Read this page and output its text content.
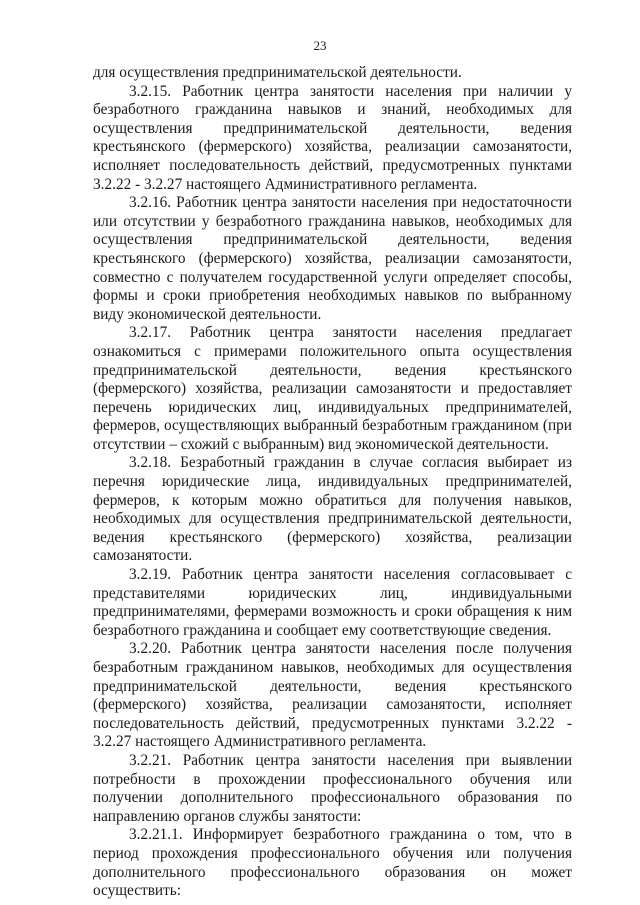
23

для осуществления предпринимательской деятельности.

3.2.15. Работник центра занятости населения при наличии у безработного гражданина навыков и знаний, необходимых для осуществления предпринимательской деятельности, ведения крестьянского (фермерского) хозяйства, реализации самозанятости, исполняет последовательность действий, предусмотренных пунктами 3.2.22 - 3.2.27 настоящего Административного регламента.

3.2.16. Работник центра занятости населения при недостаточности или отсутствии у безработного гражданина навыков, необходимых для осуществления предпринимательской деятельности, ведения крестьянского (фермерского) хозяйства, реализации самозанятости, совместно с получателем государственной услуги определяет способы, формы и сроки приобретения необходимых навыков по выбранному виду экономической деятельности.

3.2.17. Работник центра занятости населения предлагает ознакомиться с примерами положительного опыта осуществления предпринимательской деятельности, ведения крестьянского (фермерского) хозяйства, реализации самозанятости и предоставляет перечень юридических лиц, индивидуальных предпринимателей, фермеров, осуществляющих выбранный безработным гражданином (при отсутствии – схожий с выбранным) вид экономической деятельности.

3.2.18. Безработный гражданин в случае согласия выбирает из перечня юридические лица, индивидуальных предпринимателей, фермеров, к которым можно обратиться для получения навыков, необходимых для осуществления предпринимательской деятельности, ведения крестьянского (фермерского) хозяйства, реализации самозанятости.

3.2.19. Работник центра занятости населения согласовывает с представителями юридических лиц, индивидуальными предпринимателями, фермерами возможность и сроки обращения к ним безработного гражданина и сообщает ему соответствующие сведения.

3.2.20. Работник центра занятости населения после получения безработным гражданином навыков, необходимых для осуществления предпринимательской деятельности, ведения крестьянского (фермерского) хозяйства, реализации самозанятости, исполняет последовательность действий, предусмотренных пунктами 3.2.22 - 3.2.27 настоящего Административного регламента.

3.2.21. Работник центра занятости населения при выявлении потребности в прохождении профессионального обучения или получении дополнительного профессионального образования по направлению органов службы занятости:

3.2.21.1. Информирует безработного гражданина о том, что в период прохождения профессионального обучения или получения дополнительного профессионального образования он может осуществить:
